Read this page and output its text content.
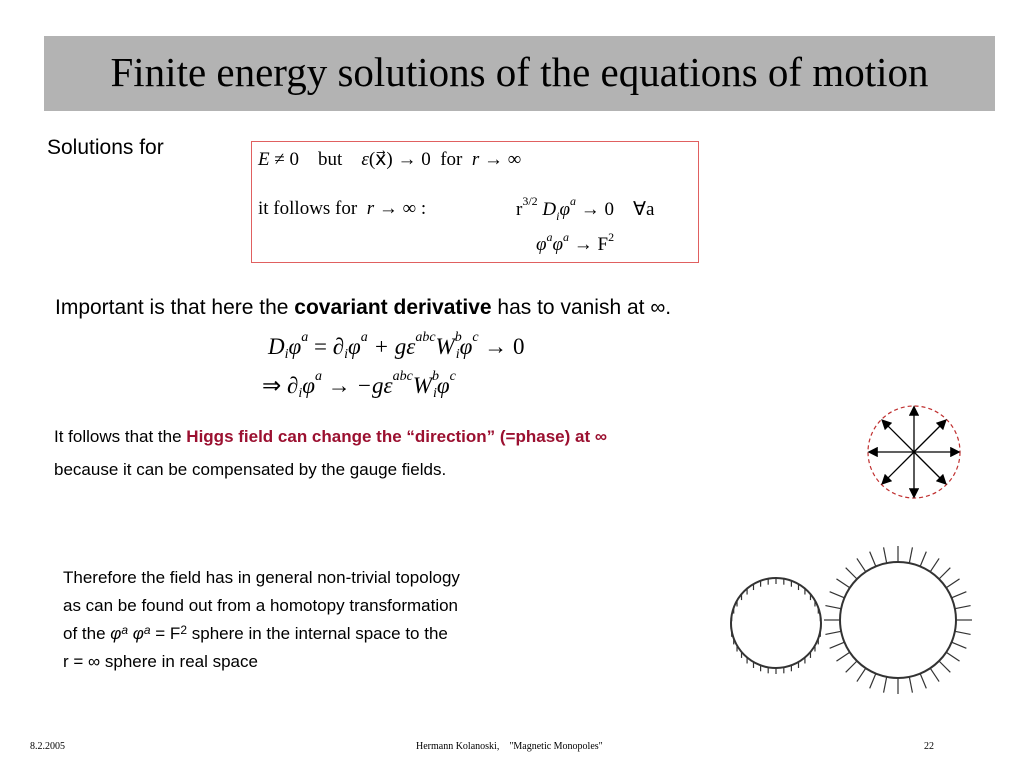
Finite energy solutions of the equations of motion
Solutions for
E ≠ 0 but ε(x⃗) → 0 for r → ∞
it follows for r → ∞ :	$r^{3/2}$ $D_i\varphi^a \to 0$ ∀a
$\varphi^a\varphi^a \to F^2$
Important is that here the covariant derivative has to vanish at ∞.
$D_i\varphi^a = \partial_i\varphi^a + g\varepsilon^{abc}W^b_i\varphi^c \to 0$
⇒ $\partial_i\varphi^a \to -g\varepsilon^{abc}W^b_i\varphi^c$
It follows that the Higgs field can change the “direction” (=phase) at ∞
because it can be compensated by the gauge fields.
Therefore the field has in general non-trivial topology
as can be found out from a homotopy transformation
of the $\varphi^a$ $\varphi^a = F^2$ sphere in the internal space to the
r = ∞ sphere in real space
8.2.2005	Hermann Kolanoski,    "Magnetic Monopoles"	22
